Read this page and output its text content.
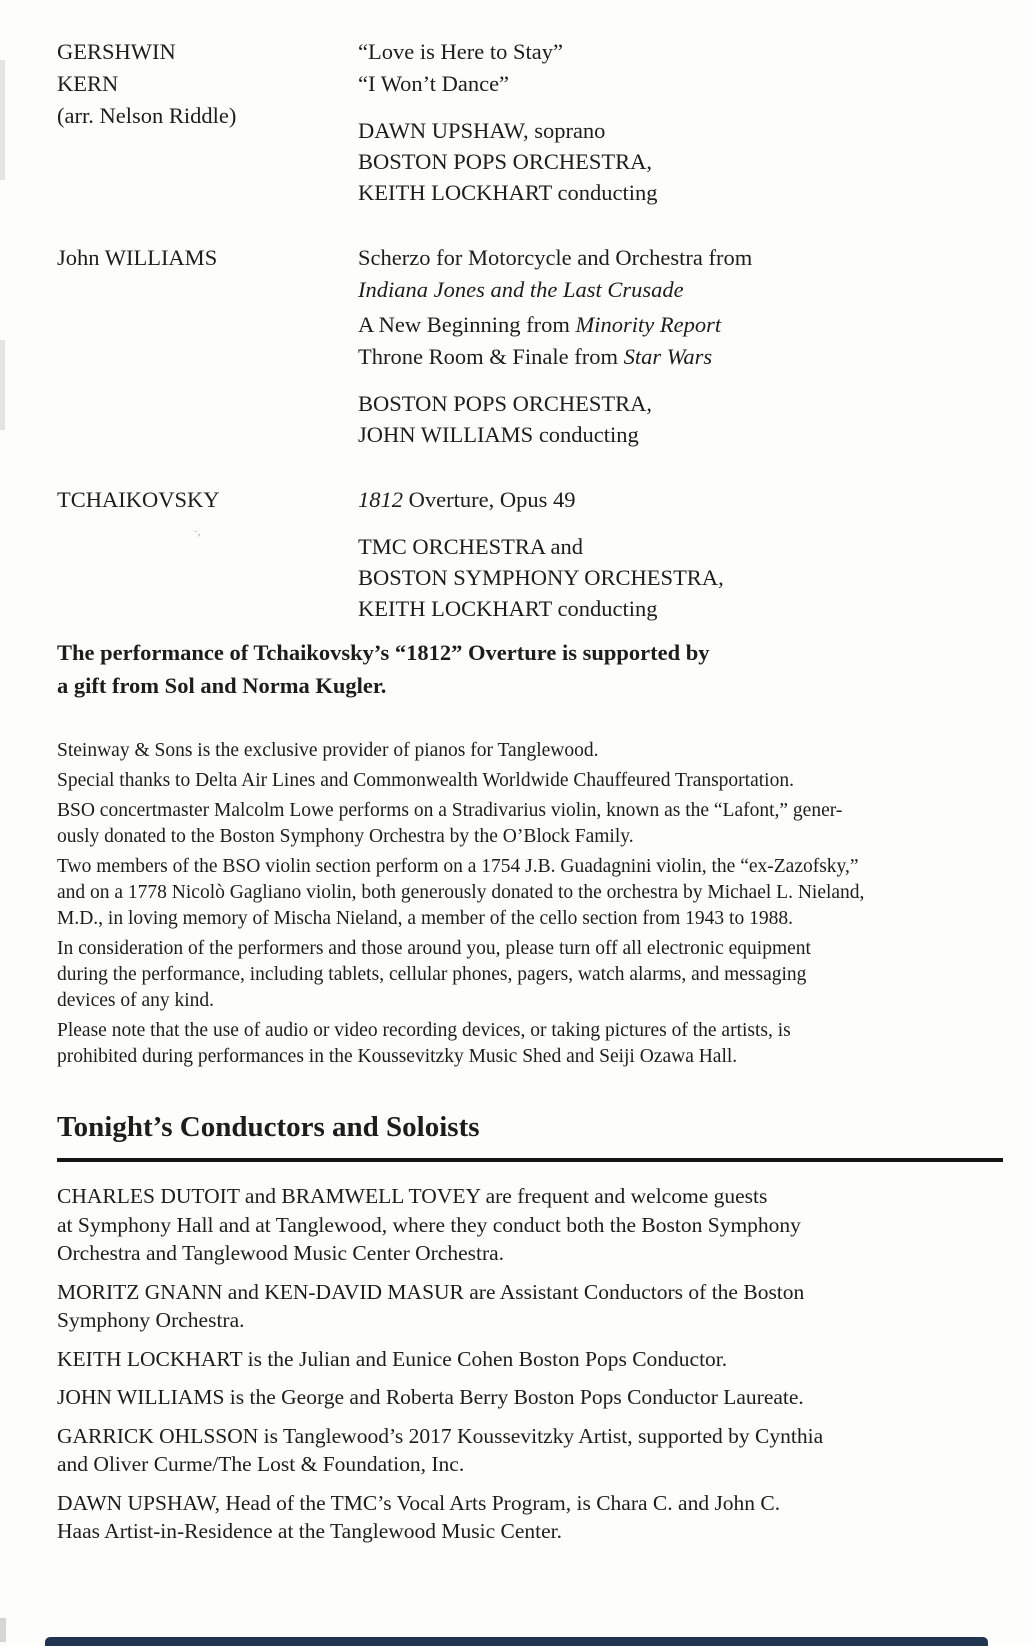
GERSHWIN
KERN
(arr. Nelson Riddle)
“Love is Here to Stay”
“I Won’t Dance”
DAWN UPSHAW, soprano
BOSTON POPS ORCHESTRA,
KEITH LOCKHART conducting
John WILLIAMS	Scherzo for Motorcycle and Orchestra from
Indiana Jones and the Last Crusade
A New Beginning from Minority Report
Throne Room & Finale from Star Wars
BOSTON POPS ORCHESTRA,
JOHN WILLIAMS conducting
TCHAIKOVSKY	1812 Overture, Opus 49
TMC ORCHESTRA and
BOSTON SYMPHONY ORCHESTRA,
KEITH LOCKHART conducting
The performance of Tchaikovsky’s “1812” Overture is supported by
a gift from Sol and Norma Kugler.
Steinway & Sons is the exclusive provider of pianos for Tanglewood.
Special thanks to Delta Air Lines and Commonwealth Worldwide Chauffeured Transportation.
BSO concertmaster Malcolm Lowe performs on a Stradivarius violin, known as the “Lafont,” gener-
ously donated to the Boston Symphony Orchestra by the O’Block Family.
Two members of the BSO violin section perform on a 1754 J.B. Guadagnini violin, the “ex-Zazofsky,”
and on a 1778 Nicolò Gagliano violin, both generously donated to the orchestra by Michael L. Nieland,
M.D., in loving memory of Mischa Nieland, a member of the cello section from 1943 to 1988.
In consideration of the performers and those around you, please turn off all electronic equipment
during the performance, including tablets, cellular phones, pagers, watch alarms, and messaging
devices of any kind.
Please note that the use of audio or video recording devices, or taking pictures of the artists, is
prohibited during performances in the Koussevitzky Music Shed and Seiji Ozawa Hall.
Tonight’s Conductors and Soloists
CHARLES DUTOIT and BRAMWELL TOVEY are frequent and welcome guests
at Symphony Hall and at Tanglewood, where they conduct both the Boston Symphony
Orchestra and Tanglewood Music Center Orchestra.
MORITZ GNANN and KEN-DAVID MASUR are Assistant Conductors of the Boston
Symphony Orchestra.
KEITH LOCKHART is the Julian and Eunice Cohen Boston Pops Conductor.
JOHN WILLIAMS is the George and Roberta Berry Boston Pops Conductor Laureate.
GARRICK OHLSSON is Tanglewood’s 2017 Koussevitzky Artist, supported by Cynthia
and Oliver Curme/The Lost & Foundation, Inc.
DAWN UPSHAW, Head of the TMC’s Vocal Arts Program, is Chara C. and John C.
Haas Artist-in-Residence at the Tanglewood Music Center.
·,
